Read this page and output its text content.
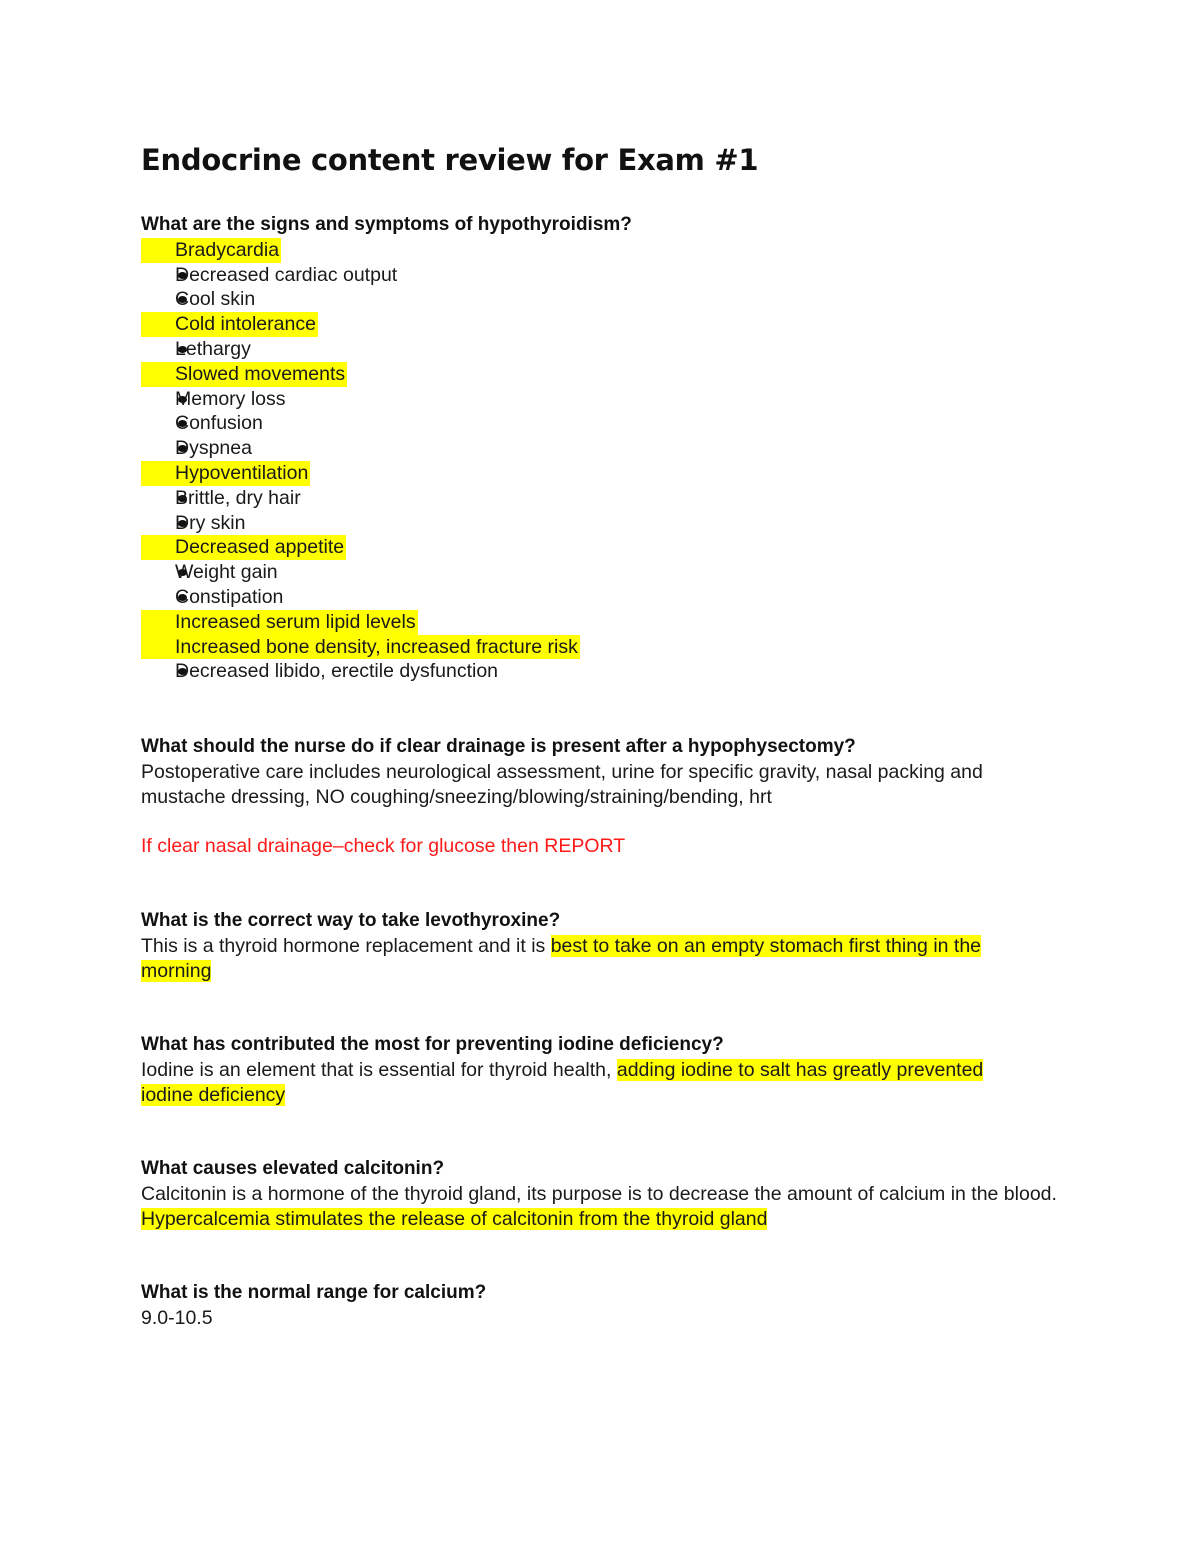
Endocrine content review for Exam #1
What are the signs and symptoms of hypothyroidism?
Bradycardia
Decreased cardiac output
Cool skin
Cold intolerance
Lethargy
Slowed movements
Memory loss
Confusion
Dyspnea
Hypoventilation
Brittle, dry hair
Dry skin
Decreased appetite
Weight gain
Constipation
Increased serum lipid levels
Increased bone density, increased fracture risk
Decreased libido, erectile dysfunction
What should the nurse do if clear drainage is present after a hypophysectomy?
Postoperative care includes neurological assessment, urine for specific gravity, nasal packing and mustache dressing, NO coughing/sneezing/blowing/straining/bending, hrt
If clear nasal drainage–check for glucose then REPORT
What is the correct way to take levothyroxine?
This is a thyroid hormone replacement and it is best to take on an empty stomach first thing in the morning
What has contributed the most for preventing iodine deficiency?
Iodine is an element that is essential for thyroid health, adding iodine to salt has greatly prevented iodine deficiency
What causes elevated calcitonin?
Calcitonin is a hormone of the thyroid gland, its purpose is to decrease the amount of calcium in the blood. Hypercalcemia stimulates the release of calcitonin from the thyroid gland
What is the normal range for calcium?
9.0-10.5
